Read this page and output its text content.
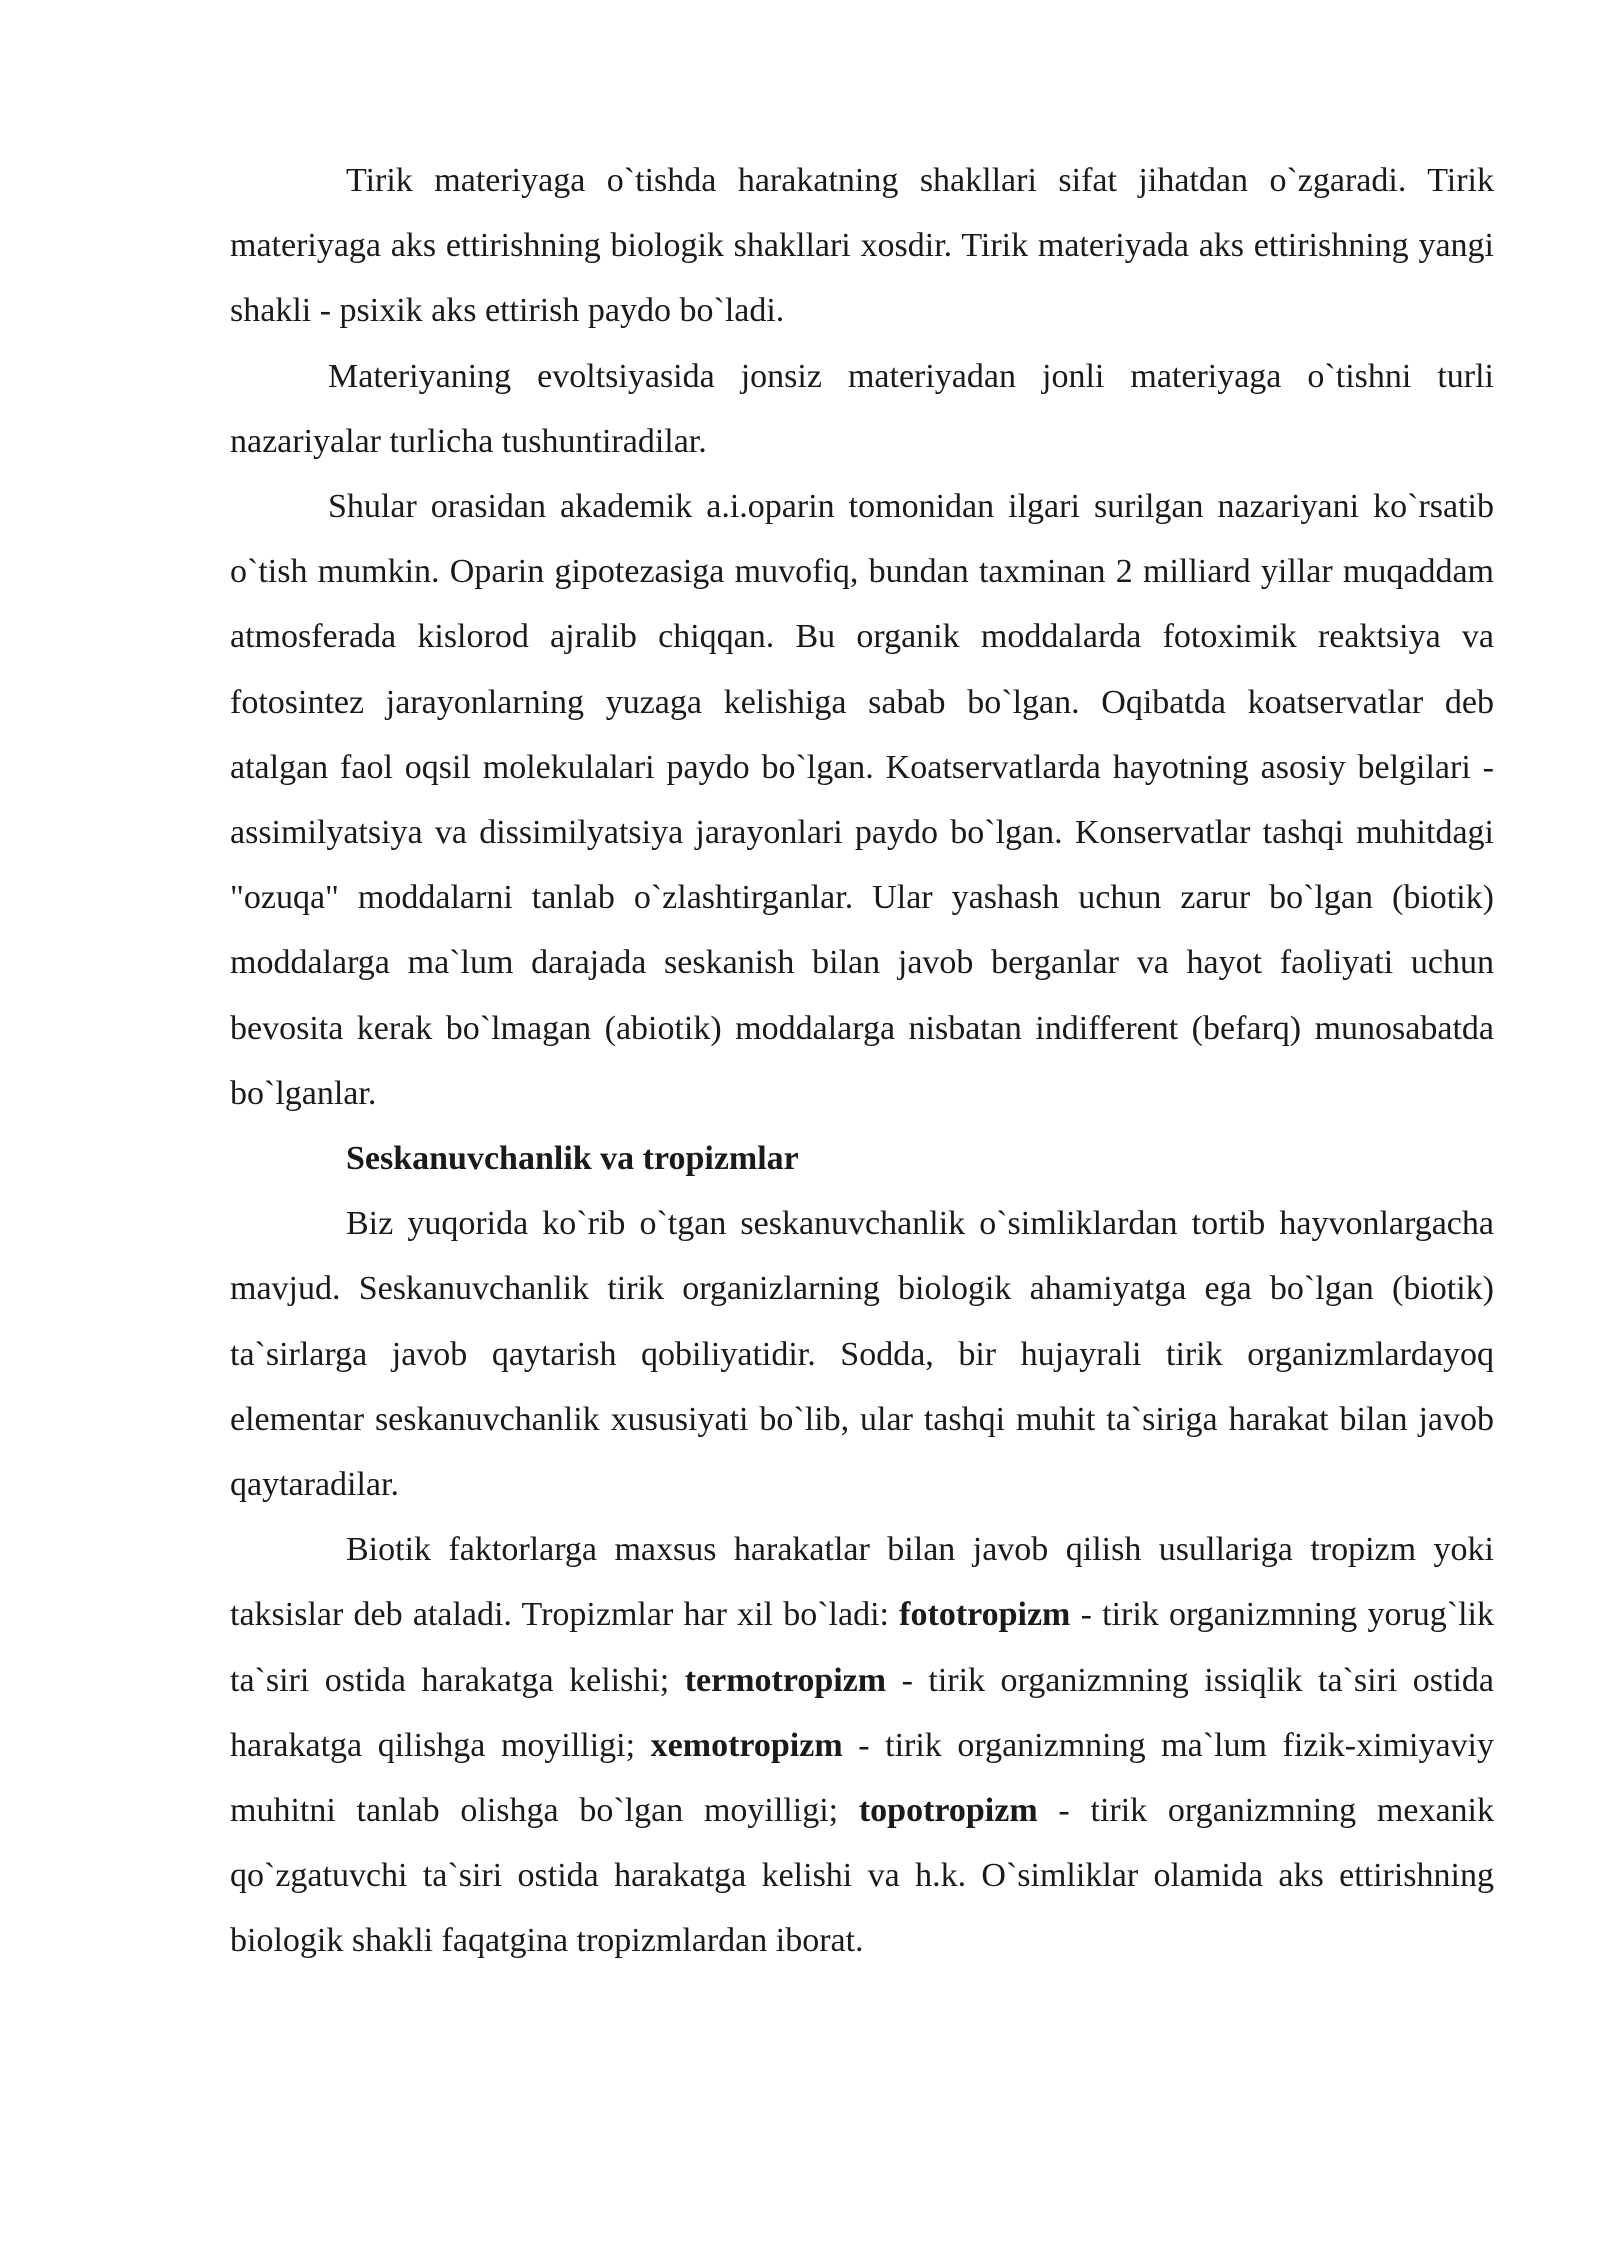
Tirik materiyaga o`tishda harakatning shakllari sifat jihatdan o`zgaradi. Tirik materiyaga aks ettirishning biologik shakllari xosdir. Tirik materiyada aks ettirishning yangi shakli - psixik aks ettirish paydo bo`ladi.

Materiyaning evoltsiyasida jonsiz materiyadan jonli materiyaga o`tishni turli nazariyalar turlicha tushuntiradilar.

Shular orasidan akademik a.i.oparin tomonidan ilgari surilgan nazariyani ko`rsatib o`tish mumkin. Oparin gipotezasiga muvofiq, bundan taxminan 2 milliard yillar muqaddam atmosferada kislorod ajralib chiqqan. Bu organik moddalarda fotoximik reaktsiya va fotosintez jarayonlarning yuzaga kelishiga sabab bo`lgan. Oqibatda koatservatlar deb atalgan faol oqsil molekulalari paydo bo`lgan. Koatservatlarda hayotning asosiy belgilari - assimilyatsiya va dissimilyatsiya jarayonlari paydo bo`lgan. Konservatlar tashqi muhitdagi "ozuqa" moddalarni tanlab o`zlashtirganlar. Ular yashash uchun zarur bo`lgan (biotik) moddalarga ma`lum darajada seskanish bilan javob berganlar va hayot faoliyati uchun bevosita kerak bo`lmagan (abiotik) moddalarga nisbatan indifferent (befarq) munosabatda bo`lganlar.

Seskanuvchanlik va tropizmlar

Biz yuqorida ko`rib o`tgan seskanuvchanlik o`simliklardan tortib hayvonlargacha mavjud. Seskanuvchanlik tirik organizlarning biologik ahamiyatga ega bo`lgan (biotik) ta`sirlarga javob qaytarish qobiliyatidir. Sodda, bir hujayrali tirik organizmlardayoq elementar seskanuvchanlik xususiyati bo`lib, ular tashqi muhit ta`siriga harakat bilan javob qaytaradilar.

Biotik faktorlarga maxsus harakatlar bilan javob qilish usullariga tropizm yoki taksislar deb ataladi. Tropizmlar har xil bo`ladi: fototropizm - tirik organizmning yorug`lik ta`siri ostida harakatga kelishi; termotropizm - tirik organizmning issiqlik ta`siri ostida harakatga qilishga moyilligi; xemotropizm - tirik organizmning ma`lum fizik-ximiyaviy muhitni tanlab olishga bo`lgan moyilligi; topotropizm - tirik organizmning mexanik qo`zgatuvchi ta`siri ostida harakatga kelishi va h.k. O`simliklar olamida aks ettirishning biologik shakli faqatgina tropizmlardan iborat.
